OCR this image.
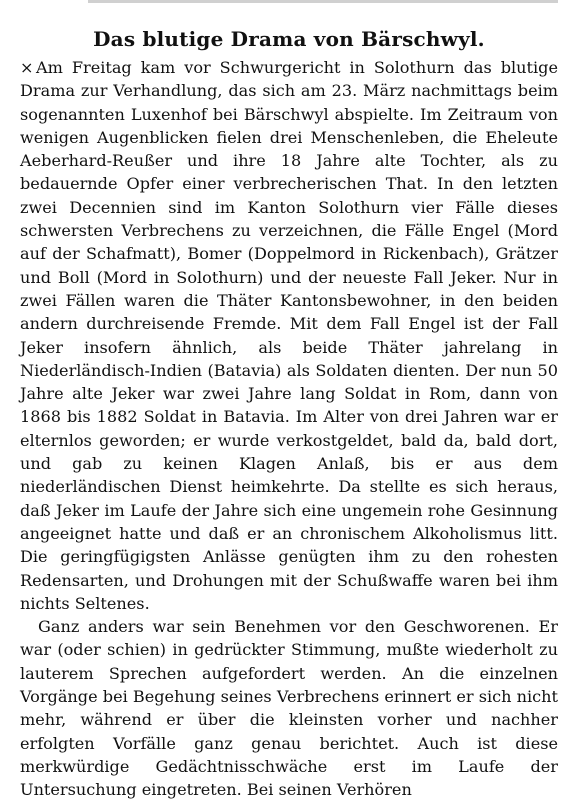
Das blutige Drama von Bärschwyl.

× Am Freitag kam vor Schwurgericht in Solothurn das blutige Drama zur Verhandlung, das sich am 23. März nachmittags beim sogenannten Luxenhof bei Bärschwyl abspielte. Im Zeitraum von wenigen Augenblicken fielen drei Menschenleben, die Eheleute Aeberhard-Reußer und ihre 18 Jahre alte Tochter, als zu bedauernde Opfer einer verbrecherischen That. In den letzten zwei Decennien sind im Kanton Solothurn vier Fälle dieses schwersten Verbrechens zu verzeichnen, die Fälle Engel (Mord auf der Schafmatt), Bomer (Doppelmord in Rickenbach), Grätzer und Boll (Mord in Solothurn) und der neueste Fall Jeker. Nur in zwei Fällen waren die Thäter Kantonsbewohner, in den beiden andern durchreisende Fremde. Mit dem Fall Engel ist der Fall Jeker insofern ähnlich, als beide Thäter jahrelang in Niederländisch-Indien (Batavia) als Soldaten dienten. Der nun 50 Jahre alte Jeker war zwei Jahre lang Soldat in Rom, dann von 1868 bis 1882 Soldat in Batavia. Im Alter von drei Jahren war er elternlos geworden; er wurde verkostgeldet, bald da, bald dort, und gab zu keinen Klagen Anlaß, bis er aus dem niederländischen Dienst heimkehrte. Da stellte es sich heraus, daß Jeker im Laufe der Jahre sich eine ungemein rohe Gesinnung angeeignet hatte und daß er an chronischem Alkoholismus litt. Die geringfügigsten Anlässe genügten ihm zu den rohesten Redensarten, und Drohungen mit der Schußwaffe waren bei ihm nichts Seltenes.

Ganz anders war sein Benehmen vor den Geschworenen. Er war (oder schien) in gedrückter Stimmung, mußte wiederholt zu lauterem Sprechen aufgefordert werden. An die einzelnen Vorgänge bei Begehung seines Verbrechens erinnert er sich nicht mehr, während er über die kleinsten vorher und nachher erfolgten Vorfälle ganz genau berichtet. Auch ist diese merkwürdige Gedächtnisschwäche erst im Laufe der Untersuchung eingetreten. Bei seinen Verhören
